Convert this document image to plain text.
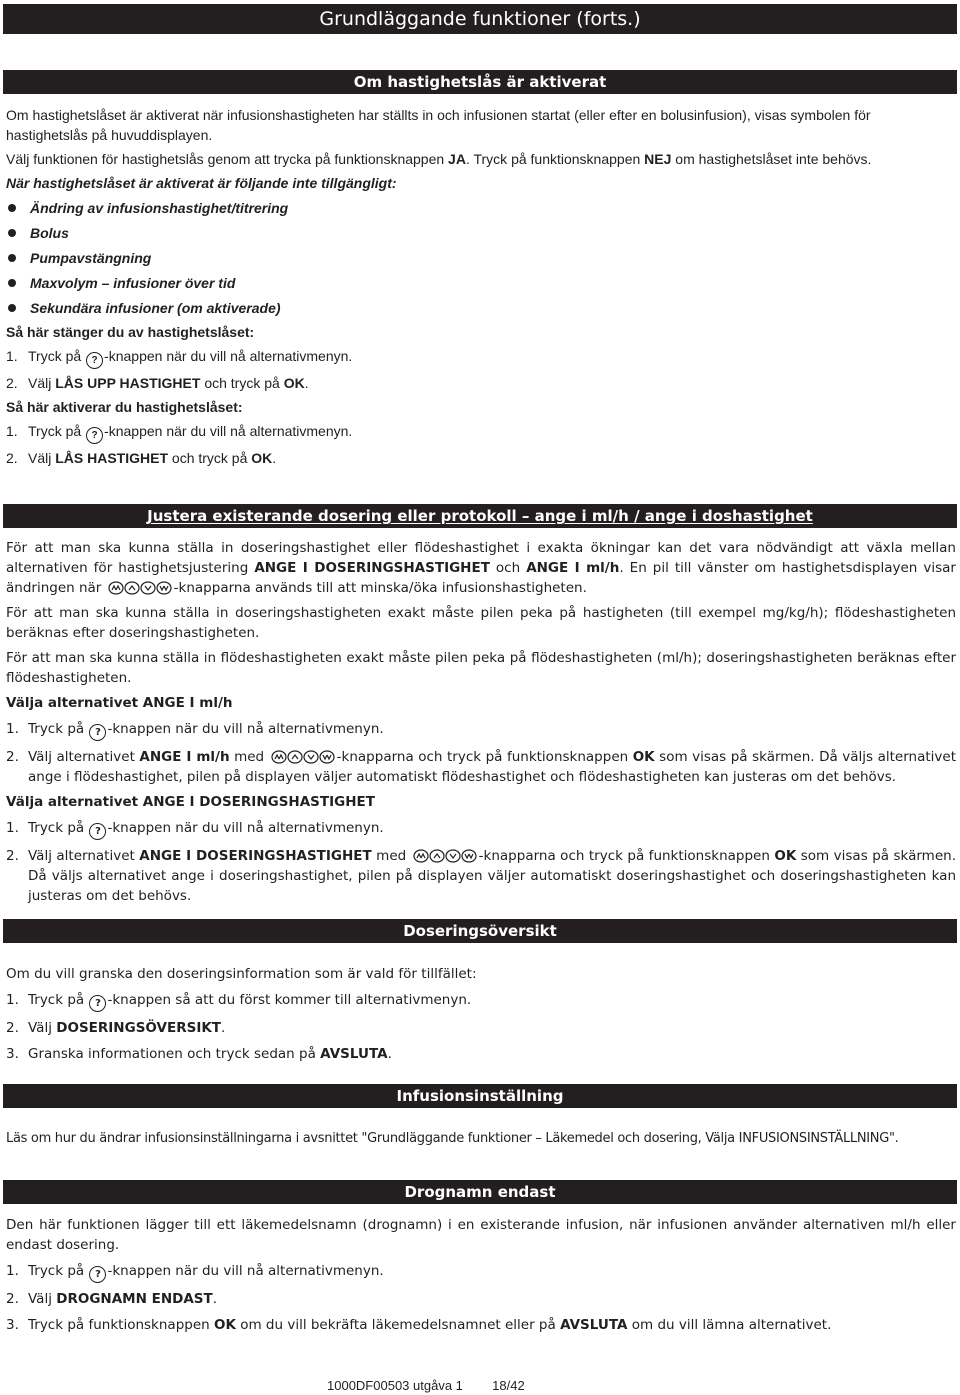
Grundläggande funktioner (forts.)
Om hastighetslås är aktiverat

Om hastighetslåset är aktiverat när infusionshastigheten har ställts in och infusionen startat (eller efter en bolusinfusion), visas symbolen för

hastighetslås på huvuddisplayen.

Välj funktionen för hastighetslås genom att trycka på funktionsknappen JA. Tryck på funktionsknappen NEJ om hastighetslåset inte behövs.

När hastighetslåset är aktiverat är följande inte tillgängligt:

Ändring av infusionshastighet/titrering

Bolus

Pumpavstängning

Maxvolym – infusioner över tid

Sekundära infusioner (om aktiverade)

Så här stänger du av hastighetslåset:

1. Tryck på ? -knappen när du vill nå alternativmenyn.

2. Välj LÅS UPP HASTIGHET och tryck på OK.

Så här aktiverar du hastighetslåset:

1. Tryck på ? -knappen när du vill nå alternativmenyn.

2. Välj LÅS HASTIGHET och tryck på OK.

Justera existerande dosering eller protokoll – ange i ml/h / ange i doshastighet

För att man ska kunna ställa in doseringshastighet eller flödeshastighet i exakta ökningar kan det vara nödvändigt att växla mellan alternativen för hastighetsjustering ANGE I DOSERINGSHASTIGHET och ANGE I ml/h. En pil till vänster om hastighetsdisplayen visar ändringen när	-knapparna används till att minska/öka infusionshastigheten.

För att man ska kunna ställa in doseringshastigheten exakt måste pilen peka på hastigheten (till exempel mg/kg/h); flödeshastigheten beräknas efter doseringshastigheten.

För att man ska kunna ställa in flödeshastigheten exakt måste pilen peka på flödeshastigheten (ml/h); doseringshastigheten beräknas efter flödeshastigheten.

Välja alternativet ANGE I ml/h

1. Tryck på ? -knappen när du vill nå alternativmenyn.

2. Välj alternativet ANGE I ml/h med	-knapparna och tryck på funktionsknappen OK som visas på skärmen. Då väljs alternativet ange i flödeshastighet, pilen på displayen väljer automatiskt flödeshastighet och flödeshastigheten kan justeras om det behövs.

Välja alternativet ANGE I DOSERINGSHASTIGHET

1. Tryck på ? -knappen när du vill nå alternativmenyn.

2. Välj alternativet ANGE I DOSERINGSHASTIGHET med	-knapparna och tryck på funktionsknappen OK som visas på skärmen. Då väljs alternativet ange i doseringshastighet, pilen på displayen väljer automatiskt doseringshastighet och doseringshastigheten kan justeras om det behövs.

Doseringsöversikt

Om du vill granska den doseringsinformation som är vald för tillfället:

1. Tryck på ? -knappen så att du först kommer till alternativmenyn.

2. Välj DOSERINGSÖVERSIKT.

3. Granska informationen och tryck sedan på AVSLUTA.

Infusionsinställning

Läs om hur du ändrar infusionsinställningarna i avsnittet "Grundläggande funktioner – Läkemedel och dosering, Välja INFUSIONSINSTÄLLNING".

Drognamn endast

Den här funktionen lägger till ett läkemedelsnamn (drognamn) i en existerande infusion, när infusionen använder alternativen ml/h eller endast dosering.

1. Tryck på ? -knappen när du vill nå alternativmenyn.

2. Välj DROGNAMN ENDAST.

3. Tryck på funktionsknappen OK om du vill bekräfta läkemedelsnamnet eller på AVSLUTA om du vill lämna alternativet.

1000DF00503 utgåva 1 18/42
